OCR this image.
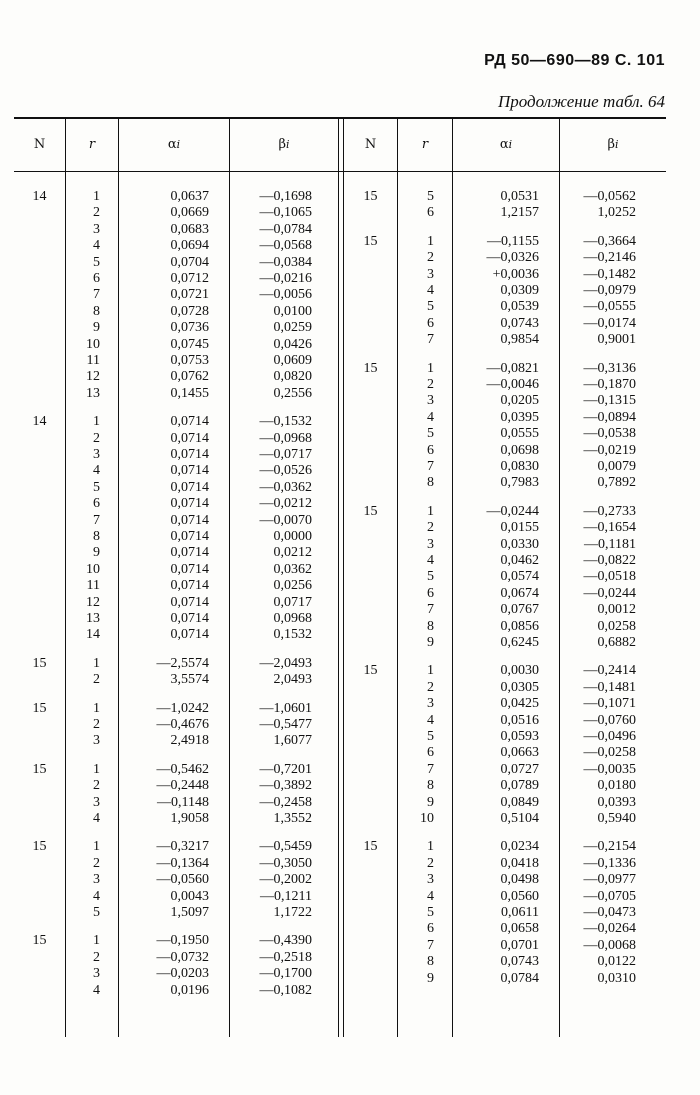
РД 50—690—89 С. 101
Продолжение табл. 64
N	r	α i	β i	N	r	α i	β i
14	1	0,0637	—0,1698
2	0,0669	—0,1065
3	0,0683	—0,0784
4	0,0694	—0,0568
5	0,0704	—0,0384
6	0,0712	—0,0216
7	0,0721	—0,0056
8	0,0728	0,0100
9	0,0736	0,0259
10	0,0745	0,0426
11	0,0753	0,0609
12	0,0762	0,0820
13	0,1455	0,2556
14	1	0,0714	—0,1532
2	0,0714	—0,0968
3	0,0714	—0,0717
4	0,0714	—0,0526
5	0,0714	—0,0362
6	0,0714	—0,0212
7	0,0714	—0,0070
8	0,0714	0,0000
9	0,0714	0,0212
10	0,0714	0,0362
11	0,0714	0,0256
12	0,0714	0,0717
13	0,0714	0,0968
14	0,0714	0,1532
15	1	—2,5574	—2,0493
2	3,5574	2,0493
15	1	—1,0242	—1,0601
2	—0,4676	—0,5477
3	2,4918	1,6077
15	1	—0,5462	—0,7201
2	—0,2448	—0,3892
3	—0,1148	—0,2458
4	1,9058	1,3552
15	1	—0,3217	—0,5459
2	—0,1364	—0,3050
3	—0,0560	—0,2002
4	0,0043	—0,1211
5	1,5097	1,1722
15	1	—0,1950	—0,4390
2	—0,0732	—0,2518
3	—0,0203	—0,1700
4	0,0196	—0,1082
15	5	0,0531	—0,0562
6	1,2157	1,0252
15	1	—0,1155	—0,3664
2	—0,0326	—0,2146
3	+0,0036	—0,1482
4	0,0309	—0,0979
5	0,0539	—0,0555
6	0,0743	—0,0174
7	0,9854	0,9001
15	1	—0,0821	—0,3136
2	—0,0046	—0,1870
3	0,0205	—0,1315
4	0,0395	—0,0894
5	0,0555	—0,0538
6	0,0698	—0,0219
7	0,0830	0,0079
8	0,7983	0,7892
15	1	—0,0244	—0,2733
2	0,0155	—0,1654
3	0,0330	—0,1181
4	0,0462	—0,0822
5	0,0574	—0,0518
6	0,0674	—0,0244
7	0,0767	0,0012
8	0,0856	0,0258
9	0,6245	0,6882
15	1	0,0030	—0,2414
2	0,0305	—0,1481
3	0,0425	—0,1071
4	0,0516	—0,0760
5	0,0593	—0,0496
6	0,0663	—0,0258
7	0,0727	—0,0035
8	0,0789	0,0180
9	0,0849	0,0393
10	0,5104	0,5940
15	1	0,0234	—0,2154
2	0,0418	—0,1336
3	0,0498	—0,0977
4	0,0560	—0,0705
5	0,0611	—0,0473
6	0,0658	—0,0264
7	0,0701	—0,0068
8	0,0743	0,0122
9	0,0784	0,0310
